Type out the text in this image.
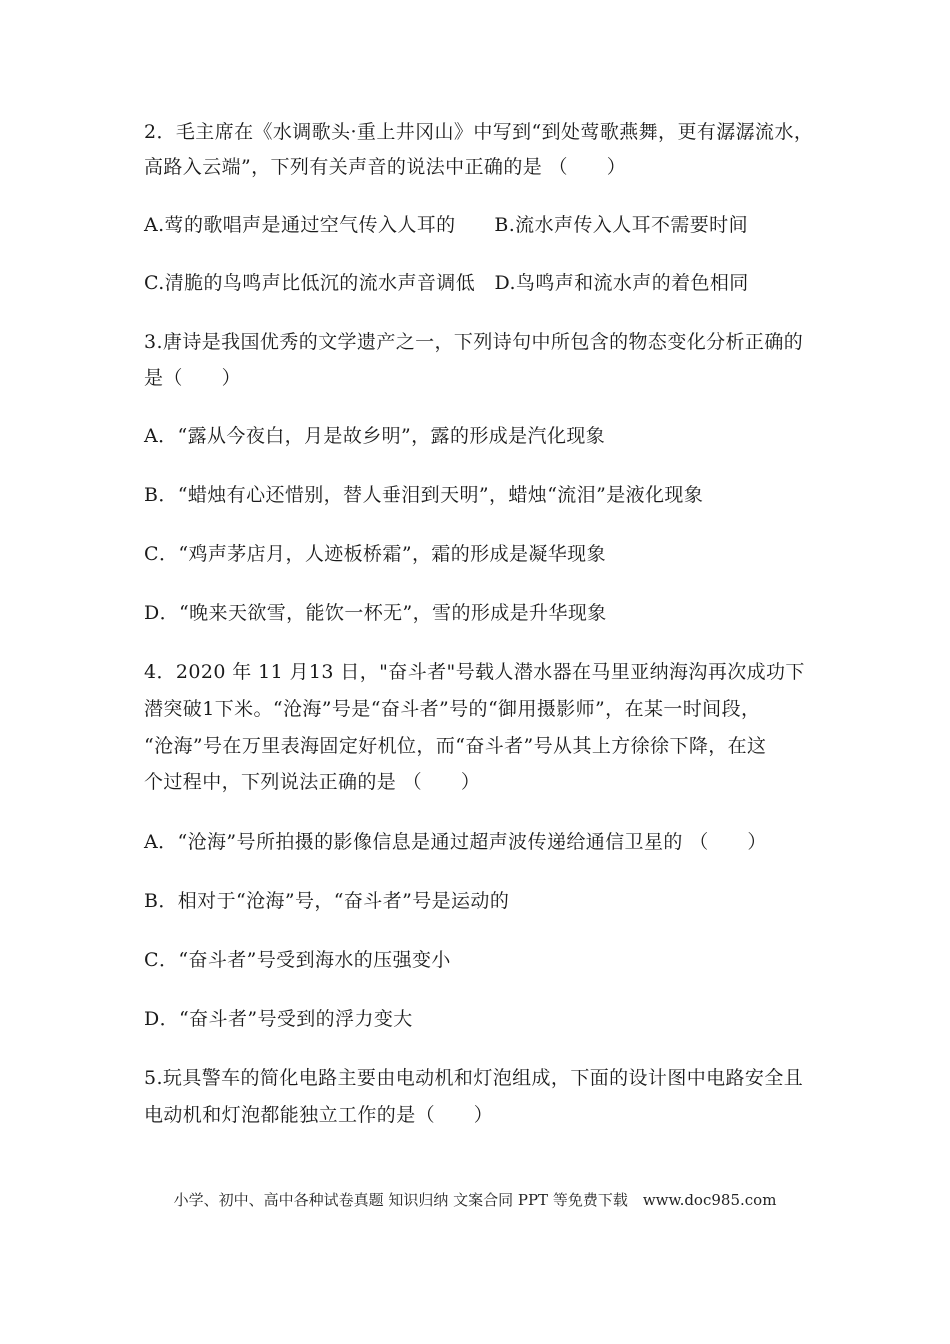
2．毛主席在《水调歌头·重上井冈山》中写到“到处莺歌燕舞，更有潺潺流水，
高路入云端”，下列有关声音的说法中正确的是 （　　）
A.莺的歌唱声是通过空气传入人耳的　　B.流水声传入人耳不需要时间
C.清脆的鸟鸣声比低沉的流水声音调低　D.鸟鸣声和流水声的着色相同
3.唐诗是我国优秀的文学遗产之一，下列诗句中所包含的物态变化分析正确的
是（　　）
A．“露从今夜白，月是故乡明”，露的形成是汽化现象
B．“蜡烛有心还惜别，替人垂泪到天明”，蜡烛“流泪”是液化现象
C．“鸡声茅店月，人迹板桥霜”，霜的形成是凝华现象
D．“晚来天欲雪，能饮一杯无”，雪的形成是升华现象
4．2020 年 11 月13 日，"奋斗者"号载人潜水器在马里亚纳海沟再次成功下
潜突破1下米。“沧海”号是“奋斗者”号的“御用摄影师”，在某一时间段，
“沧海”号在万里表海固定好机位，而“奋斗者”号从其上方徐徐下降，在这
个过程中，下列说法正确的是 （　　）
A．“沧海”号所拍摄的影像信息是通过超声波传递给通信卫星的 （　　）
B．相对于“沧海”号，“奋斗者”号是运动的
C．“奋斗者”号受到海水的压强变小
D．“奋斗者”号受到的浮力变大
5.玩具警车的简化电路主要由电动机和灯泡组成，下面的设计图中电路安全且
电动机和灯泡都能独立工作的是（　　）
小学、初中、高中各种试卷真题 知识归纳 文案合同 PPT 等免费下载　www.doc985.com
